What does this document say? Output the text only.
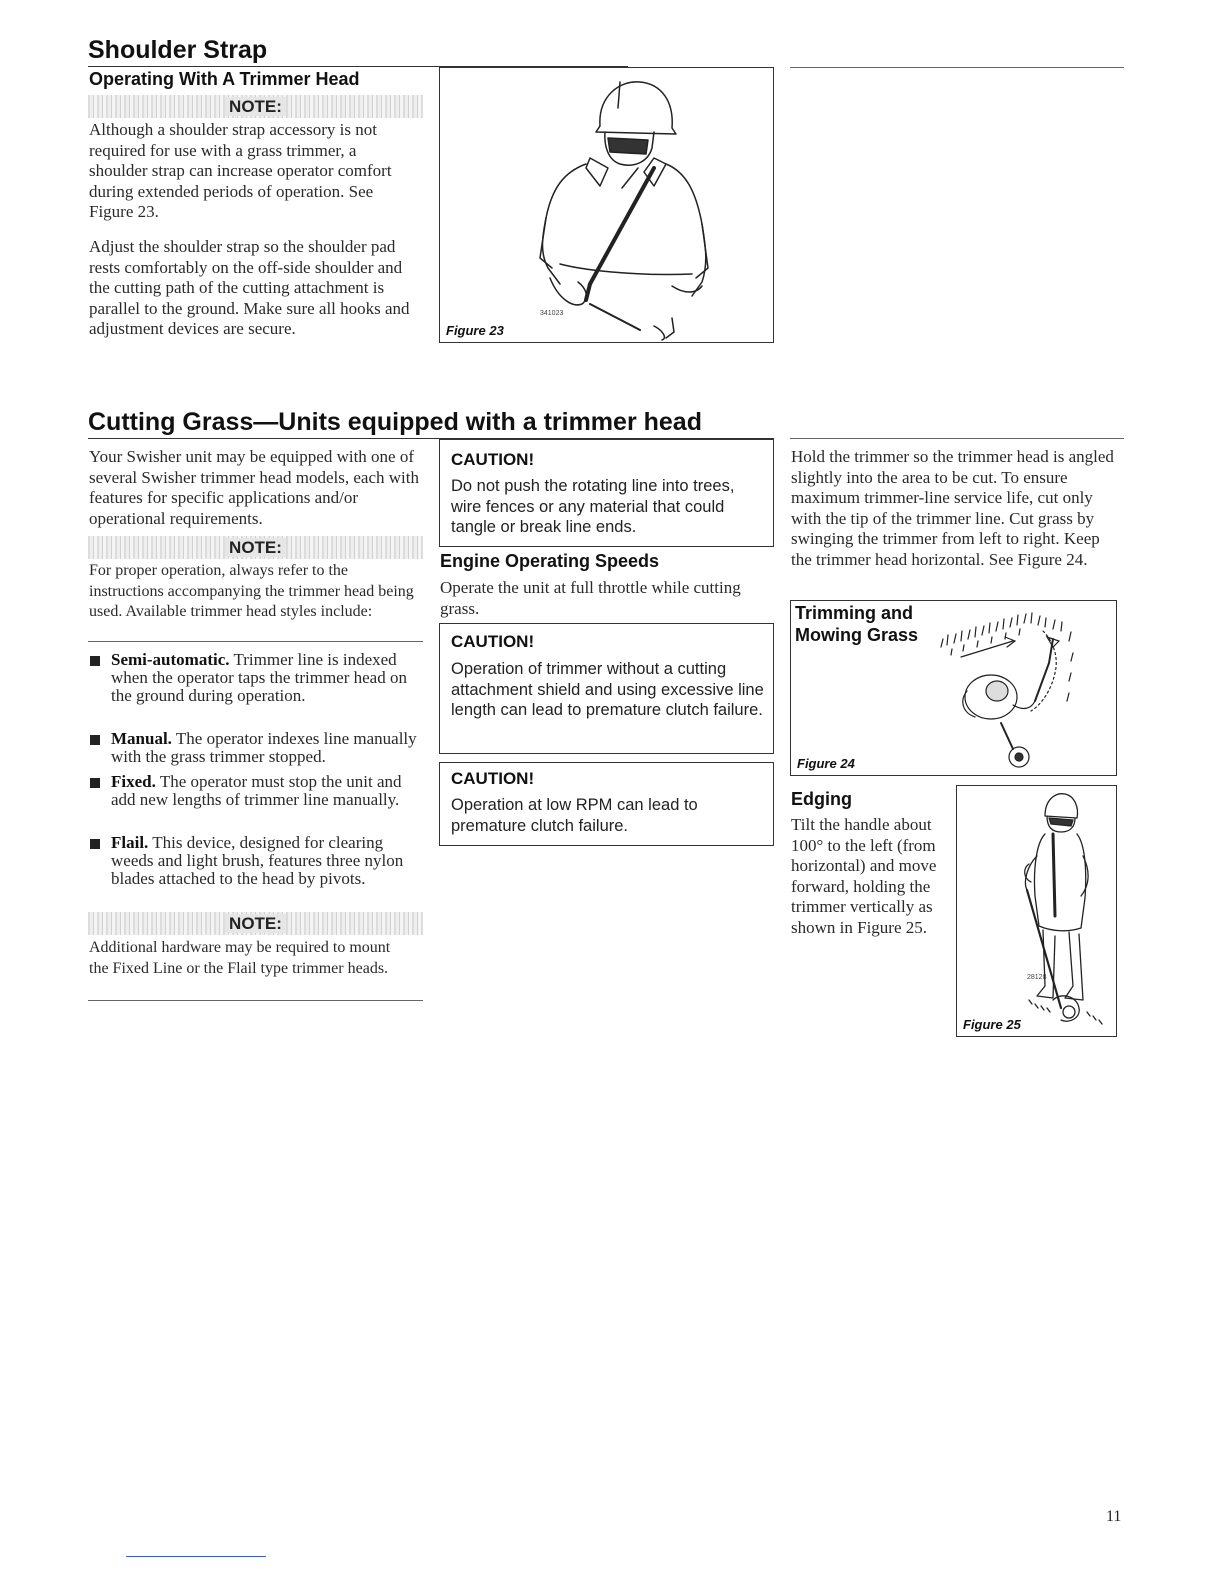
Shoulder Strap
Operating With A Trimmer Head
NOTE:
Although a shoulder strap accessory is not required for use with a grass trimmer, a shoulder strap can increase operator comfort during extended periods of operation. See Figure 23.
Adjust the shoulder strap so the shoulder pad rests comfortably on the off-side shoulder and the cutting path of the cutting attachment is parallel to the ground. Make sure all hooks and adjustment devices are secure.
341023
Figure 23
Cutting Grass—Units equipped with a trimmer head
Your Swisher unit may be equipped with one of several Swisher trimmer head models, each with features for specific applications and/or operational requirements.
NOTE:
For proper operation, always refer to the instructions accompanying the trimmer head being used. Available trimmer head styles include:
Semi-automatic. Trimmer line is indexed when the operator taps the trimmer head on the ground during operation.
Manual. The operator indexes line manually with the grass trimmer stopped.
Fixed. The operator must stop the unit and add new lengths of trimmer line manually.
Flail. This device, designed for clearing weeds and light brush, features three nylon blades attached to the head by pivots.
NOTE:
Additional hardware may be required to mount the Fixed Line or the Flail type trimmer heads.
CAUTION!
Do not push the rotating line into trees, wire fences or any material that could tangle or break line ends.
Engine Operating Speeds
Operate the unit at full throttle while cutting grass.
CAUTION!
Operation of trimmer without a cutting attachment shield and using excessive line length can lead to premature clutch failure.
CAUTION!
Operation at low RPM can lead to premature clutch failure.
Hold the trimmer so the trimmer head is angled slightly into the area to be cut. To ensure maximum trimmer-line service life, cut only with the tip of the trimmer line. Cut grass by swinging the trimmer from left to right. Keep the trimmer head horizontal. See Figure 24.
Trimming and
Mowing Grass
Figure 24
Edging
Tilt the handle about 100° to the left (from horizontal) and move forward, holding the trimmer vertically as shown in Figure 25.
28128
Figure 25
11
